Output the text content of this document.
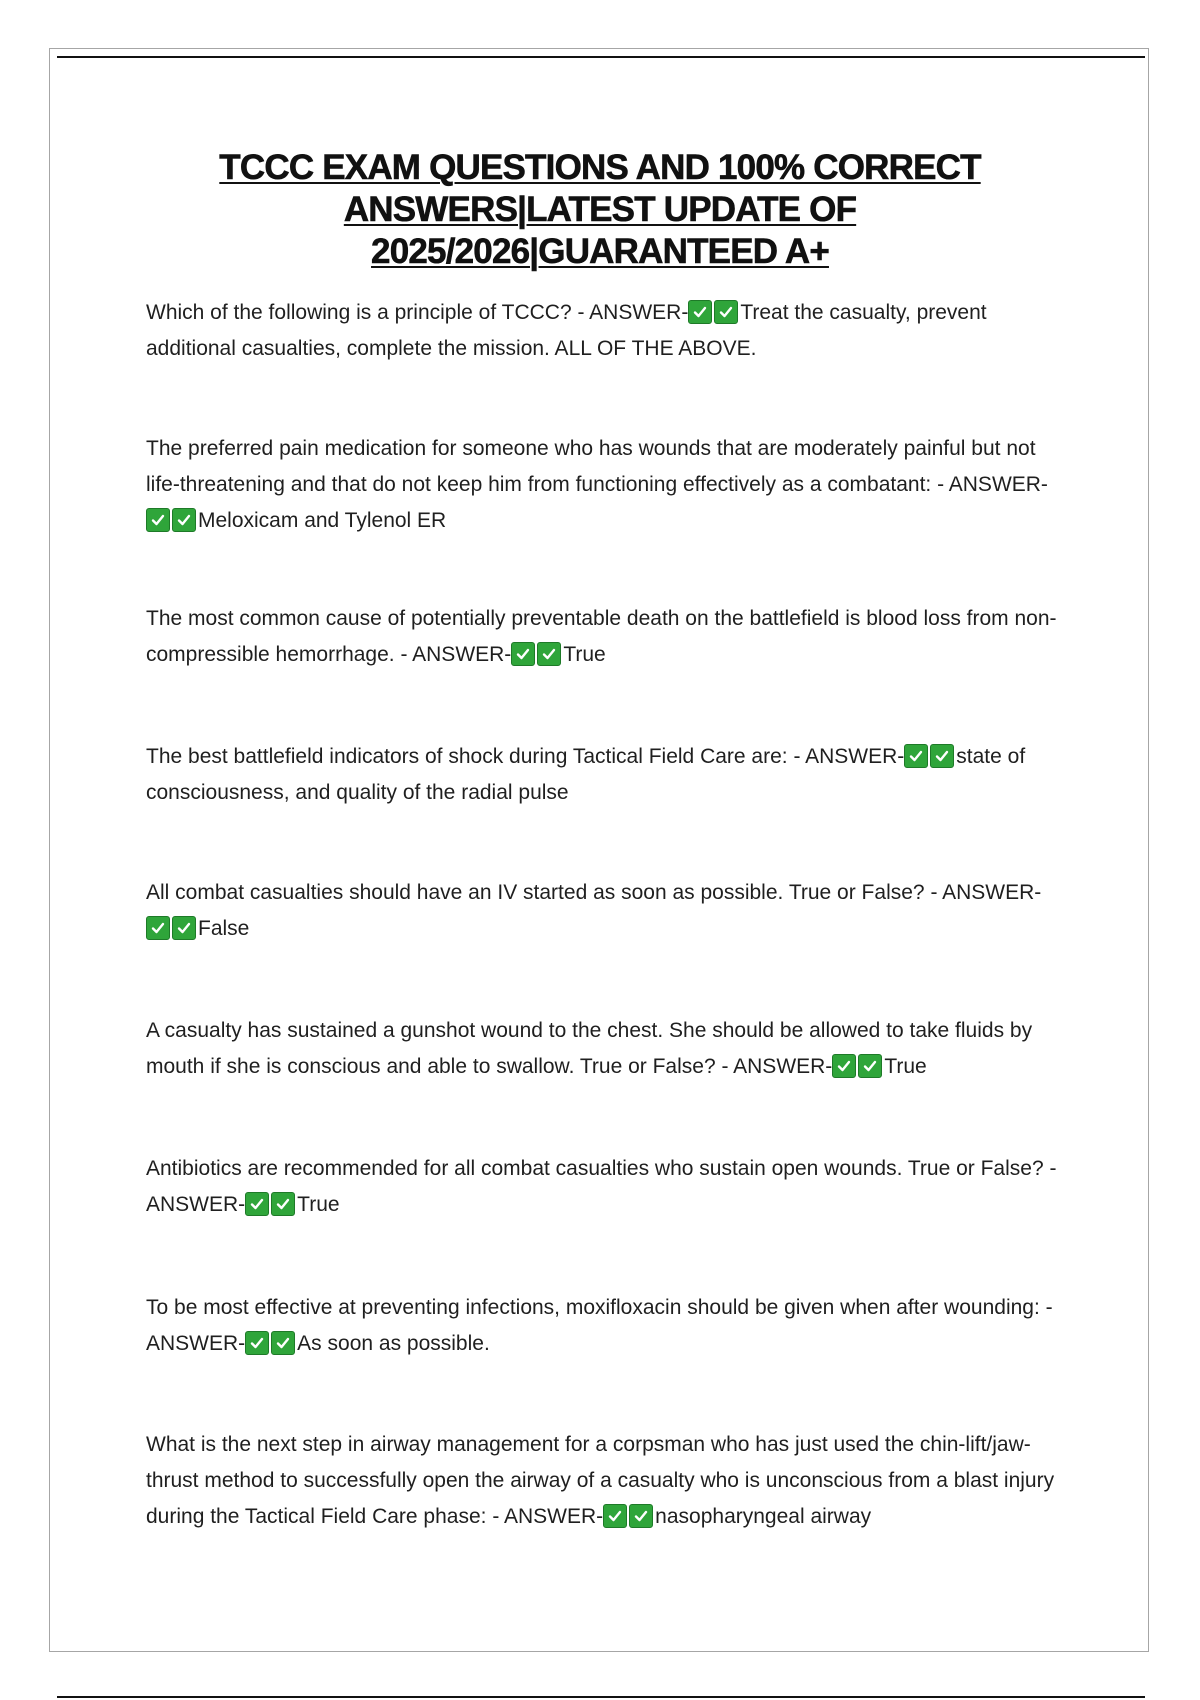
TCCC EXAM QUESTIONS AND 100% CORRECT ANSWERS|LATEST UPDATE OF 2025/2026|GUARANTEED A+

Which of the following is a principle of TCCC? - ANSWER- Treat the casualty, prevent additional casualties, complete the mission. ALL OF THE ABOVE.

The preferred pain medication for someone who has wounds that are moderately painful but not life-threatening and that do not keep him from functioning effectively as a combatant: - ANSWER-
Meloxicam and Tylenol ER

The most common cause of potentially preventable death on the battlefield is blood loss from non-compressible hemorrhage. - ANSWER- True

The best battlefield indicators of shock during Tactical Field Care are: - ANSWER- state of consciousness, and quality of the radial pulse

All combat casualties should have an IV started as soon as possible. True or False? - ANSWER-
False

A casualty has sustained a gunshot wound to the chest. She should be allowed to take fluids by mouth if she is conscious and able to swallow. True or False? - ANSWER- True

Antibiotics are recommended for all combat casualties who sustain open wounds. True or False? - ANSWER- True

To be most effective at preventing infections, moxifloxacin should be given when after wounding: - ANSWER- As soon as possible.

What is the next step in airway management for a corpsman who has just used the chin-lift/jaw-thrust method to successfully open the airway of a casualty who is unconscious from a blast injury during the Tactical Field Care phase: - ANSWER- nasopharyngeal airway
